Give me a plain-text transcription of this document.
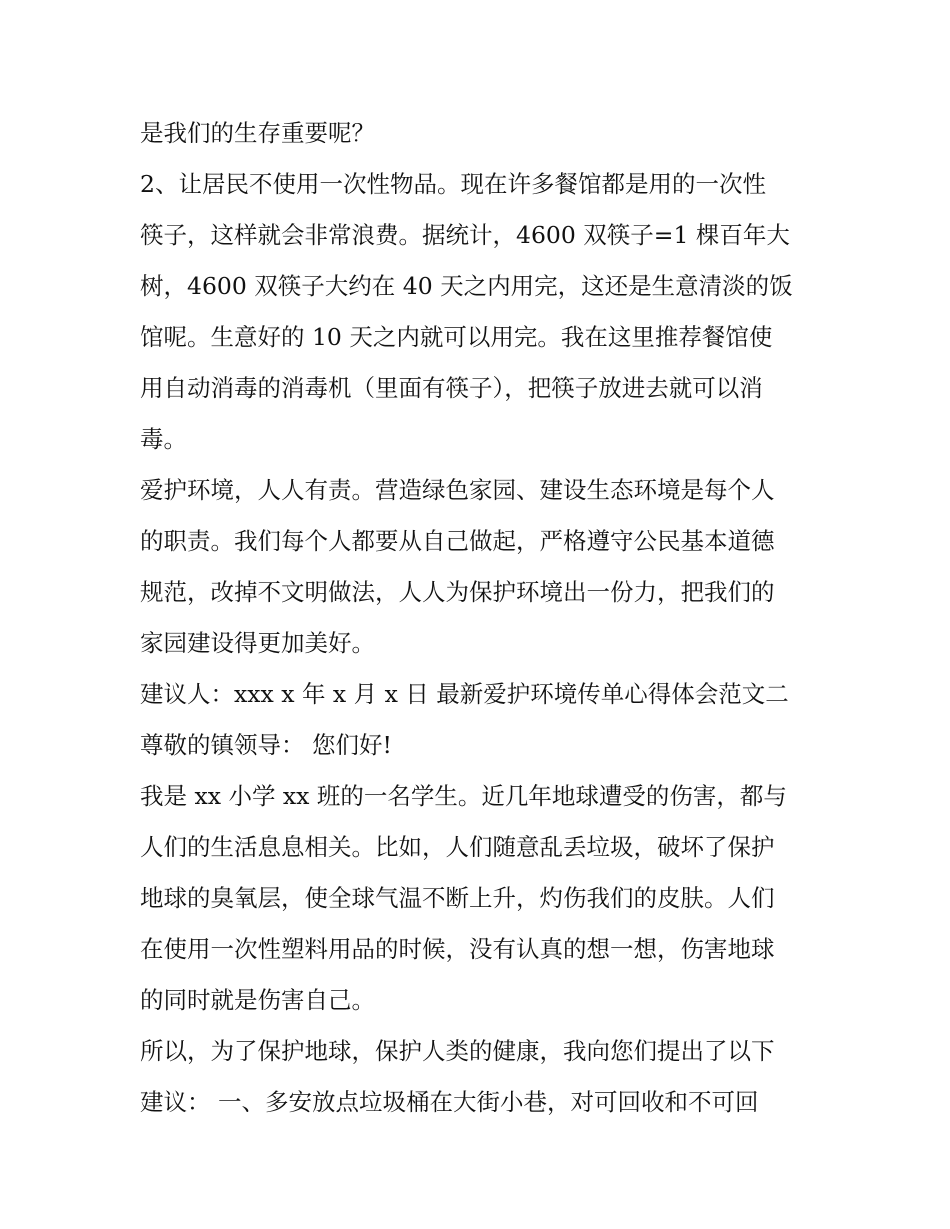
是我们的生存重要呢？
2、让居民不使用一次性物品。现在许多餐馆都是用的一次性
筷子，这样就会非常浪费。据统计，4600 双筷子=1 棵百年大
树，4600 双筷子大约在 40 天之内用完，这还是生意清淡的饭
馆呢。生意好的 10 天之内就可以用完。我在这里推荐餐馆使
用自动消毒的消毒机（里面有筷子），把筷子放进去就可以消
毒。
爱护环境，人人有责。营造绿色家园、建设生态环境是每个人
的职责。我们每个人都要从自己做起，严格遵守公民基本道德
规范，改掉不文明做法，人人为保护环境出一份力，把我们的
家园建设得更加美好。
建议人：xxx x 年 x 月 x 日 最新爱护环境传单心得体会范文二
尊敬的镇领导： 您们好!
我是 xx 小学 xx 班的一名学生。近几年地球遭受的伤害，都与
人们的生活息息相关。比如，人们随意乱丢垃圾，破坏了保护
地球的臭氧层，使全球气温不断上升，灼伤我们的皮肤。人们
在使用一次性塑料用品的时候，没有认真的想一想，伤害地球
的同时就是伤害自己。
所以，为了保护地球，保护人类的健康，我向您们提出了以下
建议： 一、多安放点垃圾桶在大街小巷，对可回收和不可回
